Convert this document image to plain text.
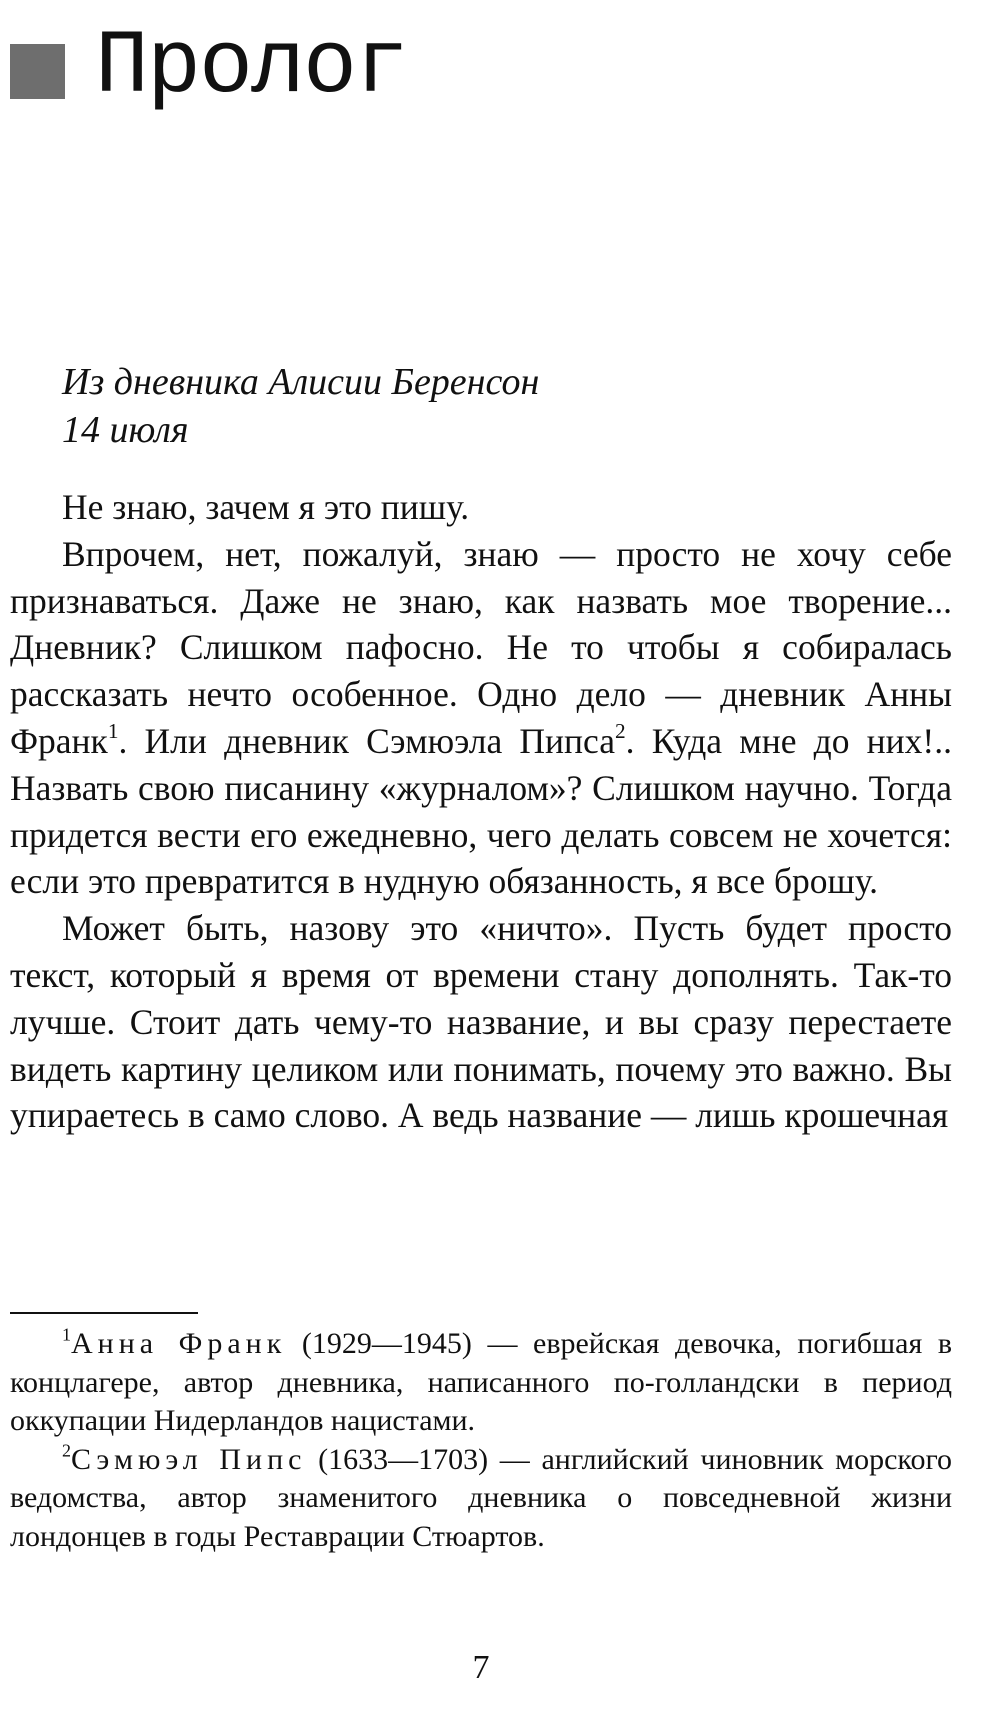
Пролог
Из дневника Алисии Беренсон
14 июля

Не знаю, зачем я это пишу.

Впрочем, нет, пожалуй, знаю — просто не хочу себе признаваться. Даже не знаю, как назвать мое творение... Дневник? Слишком пафосно. Не то чтобы я собиралась рассказать нечто особенное. Одно дело — дневник Анны Франк$^1$. Или дневник Сэмюэла Пипса$^2$. Куда мне до них!.. Назвать свою писанину «журналом»? Слишком научно. Тогда придется вести его ежедневно, чего делать совсем не хочется: если это превратится в нудную обязанность, я все брошу.

Может быть, назову это «ничто». Пусть будет просто текст, который я время от времени стану дополнять. Так-то лучше. Стоит дать чему-то название, и вы сразу перестаете видеть картину целиком или понимать, почему это важно. Вы упираетесь в само слово. А ведь название — лишь крошечная

$^1$Анна Франк (1929—1945) — еврейская девочка, погибшая в концлагере, автор дневника, написанного по-голландски в период оккупации Нидерландов нацистами.

$^2$Сэмюэл Пипс (1633—1703) — английский чиновник морского ведомства, автор знаменитого дневника о повседневной жизни лондонцев в годы Реставрации Стюартов.

7
